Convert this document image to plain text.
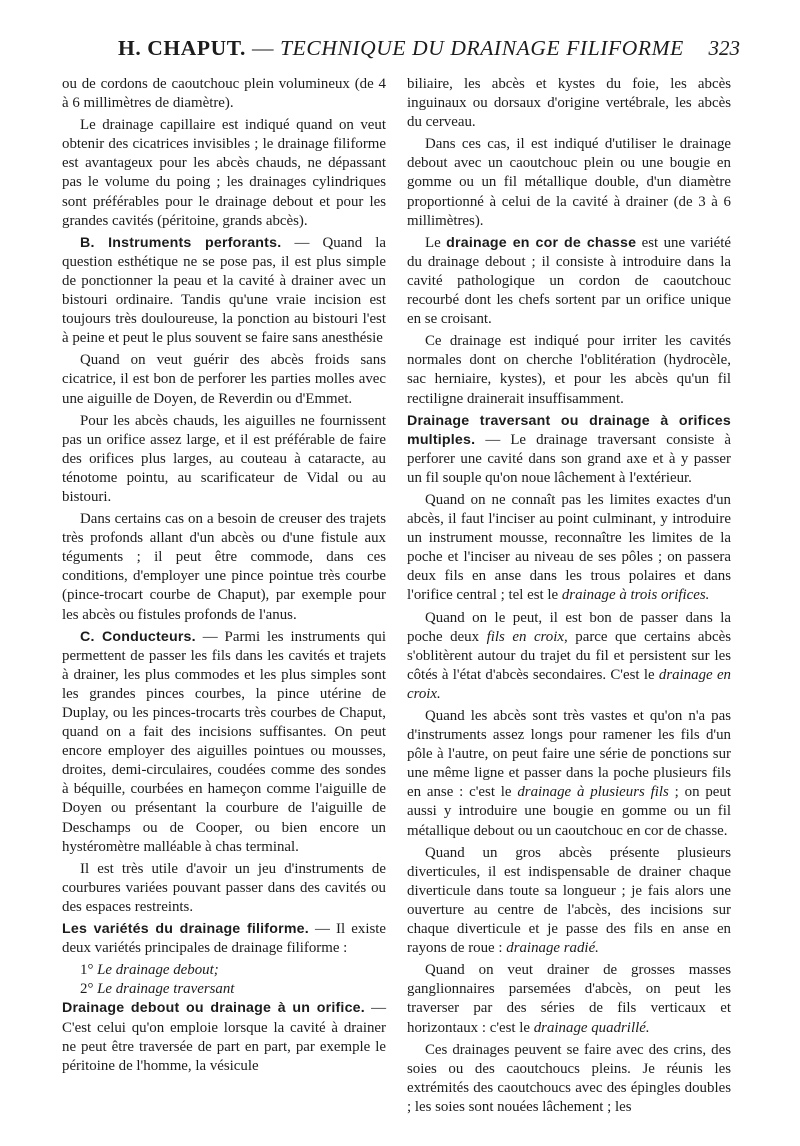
H. CHAPUT. — TECHNIQUE DU DRAINAGE FILIFORME 323

ou de cordons de caoutchouc plein volumineux (de 4 à 6 millimètres de diamètre).

Le drainage capillaire est indiqué quand on veut obtenir des cicatrices invisibles ; le drainage filiforme est avantageux pour les abcès chauds, ne dépassant pas le volume du poing ; les drainages cylindriques sont préférables pour le drainage debout et pour les grandes cavités (péritoine, grands abcès).

B. Instruments perforants. — Quand la question esthétique ne se pose pas, il est plus simple de ponctionner la peau et la cavité à drainer avec un bistouri ordinaire. Tandis qu'une vraie incision est toujours très douloureuse, la ponction au bistouri l'est à peine et peut le plus souvent se faire sans anesthésie

Quand on veut guérir des abcès froids sans cicatrice, il est bon de perforer les parties molles avec une aiguille de Doyen, de Reverdin ou d'Emmet.

Pour les abcès chauds, les aiguilles ne fournissent pas un orifice assez large, et il est préférable de faire des orifices plus larges, au couteau à cataracte, au ténotome pointu, au scarificateur de Vidal ou au bistouri.

Dans certains cas on a besoin de creuser des trajets très profonds allant d'un abcès ou d'une fistule aux téguments ; il peut être commode, dans ces conditions, d'employer une pince pointue très courbe (pince-trocart courbe de Chaput), par exemple pour les abcès ou fistules profonds de l'anus.

C. Conducteurs. — Parmi les instruments qui permettent de passer les fils dans les cavités et trajets à drainer, les plus commodes et les plus simples sont les grandes pinces courbes, la pince utérine de Duplay, ou les pinces-trocarts très courbes de Chaput, quand on a fait des incisions suffisantes. On peut encore employer des aiguilles pointues ou mousses, droites, demi-circulaires, coudées comme des sondes à béquille, courbées en hameçon comme l'aiguille de Doyen ou présentant la courbure de l'aiguille de Deschamps ou de Cooper, ou bien encore un hystéromètre malléable à chas terminal.

Il est très utile d'avoir un jeu d'instruments de courbures variées pouvant passer dans des cavités ou des espaces restreints.

Les variétés du drainage filiforme. — Il existe deux variétés principales de drainage filiforme :

1° Le drainage debout;

2° Le drainage traversant

Drainage debout ou drainage à un orifice. — C'est celui qu'on emploie lorsque la cavité à drainer ne peut être traversée de part en part, par exemple le péritoine de l'homme, la vésicule

biliaire, les abcès et kystes du foie, les abcès inguinaux ou dorsaux d'origine vertébrale, les abcès du cerveau.

Dans ces cas, il est indiqué d'utiliser le drainage debout avec un caoutchouc plein ou une bougie en gomme ou un fil métallique double, d'un diamètre proportionné à celui de la cavité à drainer (de 3 à 6 millimètres).

Le drainage en cor de chasse est une variété du drainage debout ; il consiste à introduire dans la cavité pathologique un cordon de caoutchouc recourbé dont les chefs sortent par un orifice unique en se croisant.

Ce drainage est indiqué pour irriter les cavités normales dont on cherche l'oblitération (hydrocèle, sac herniaire, kystes), et pour les abcès qu'un fil rectiligne drainerait insuffisamment.

Drainage traversant ou drainage à orifices multiples. — Le drainage traversant consiste à perforer une cavité dans son grand axe et à y passer un fil souple qu'on noue lâchement à l'extérieur.

Quand on ne connaît pas les limites exactes d'un abcès, il faut l'inciser au point culminant, y introduire un instrument mousse, reconnaître les limites de la poche et l'inciser au niveau de ses pôles ; on passera deux fils en anse dans les trous polaires et dans l'orifice central ; tel est le drainage à trois orifices.

Quand on le peut, il est bon de passer dans la poche deux fils en croix, parce que certains abcès s'oblitèrent autour du trajet du fil et persistent sur les côtés à l'état d'abcès secondaires. C'est le drainage en croix.

Quand les abcès sont très vastes et qu'on n'a pas d'instruments assez longs pour ramener les fils d'un pôle à l'autre, on peut faire une série de ponctions sur une même ligne et passer dans la poche plusieurs fils en anse : c'est le drainage à plusieurs fils ; on peut aussi y introduire une bougie en gomme ou un fil métallique debout ou un caoutchouc en cor de chasse.

Quand un gros abcès présente plusieurs diverticules, il est indispensable de drainer chaque diverticule dans toute sa longueur ; je fais alors une ouverture au centre de l'abcès, des incisions sur chaque diverticule et je passe des fils en anse en rayons de roue : drainage radié.

Quand on veut drainer de grosses masses ganglionnaires parsemées d'abcès, on peut les traverser par des séries de fils verticaux et horizontaux : c'est le drainage quadrillé.

Ces drainages peuvent se faire avec des crins, des soies ou des caoutchoucs pleins. Je réunis les extrémités des caoutchoucs avec des épingles doubles ; les soies sont nouées lâchement ; les
